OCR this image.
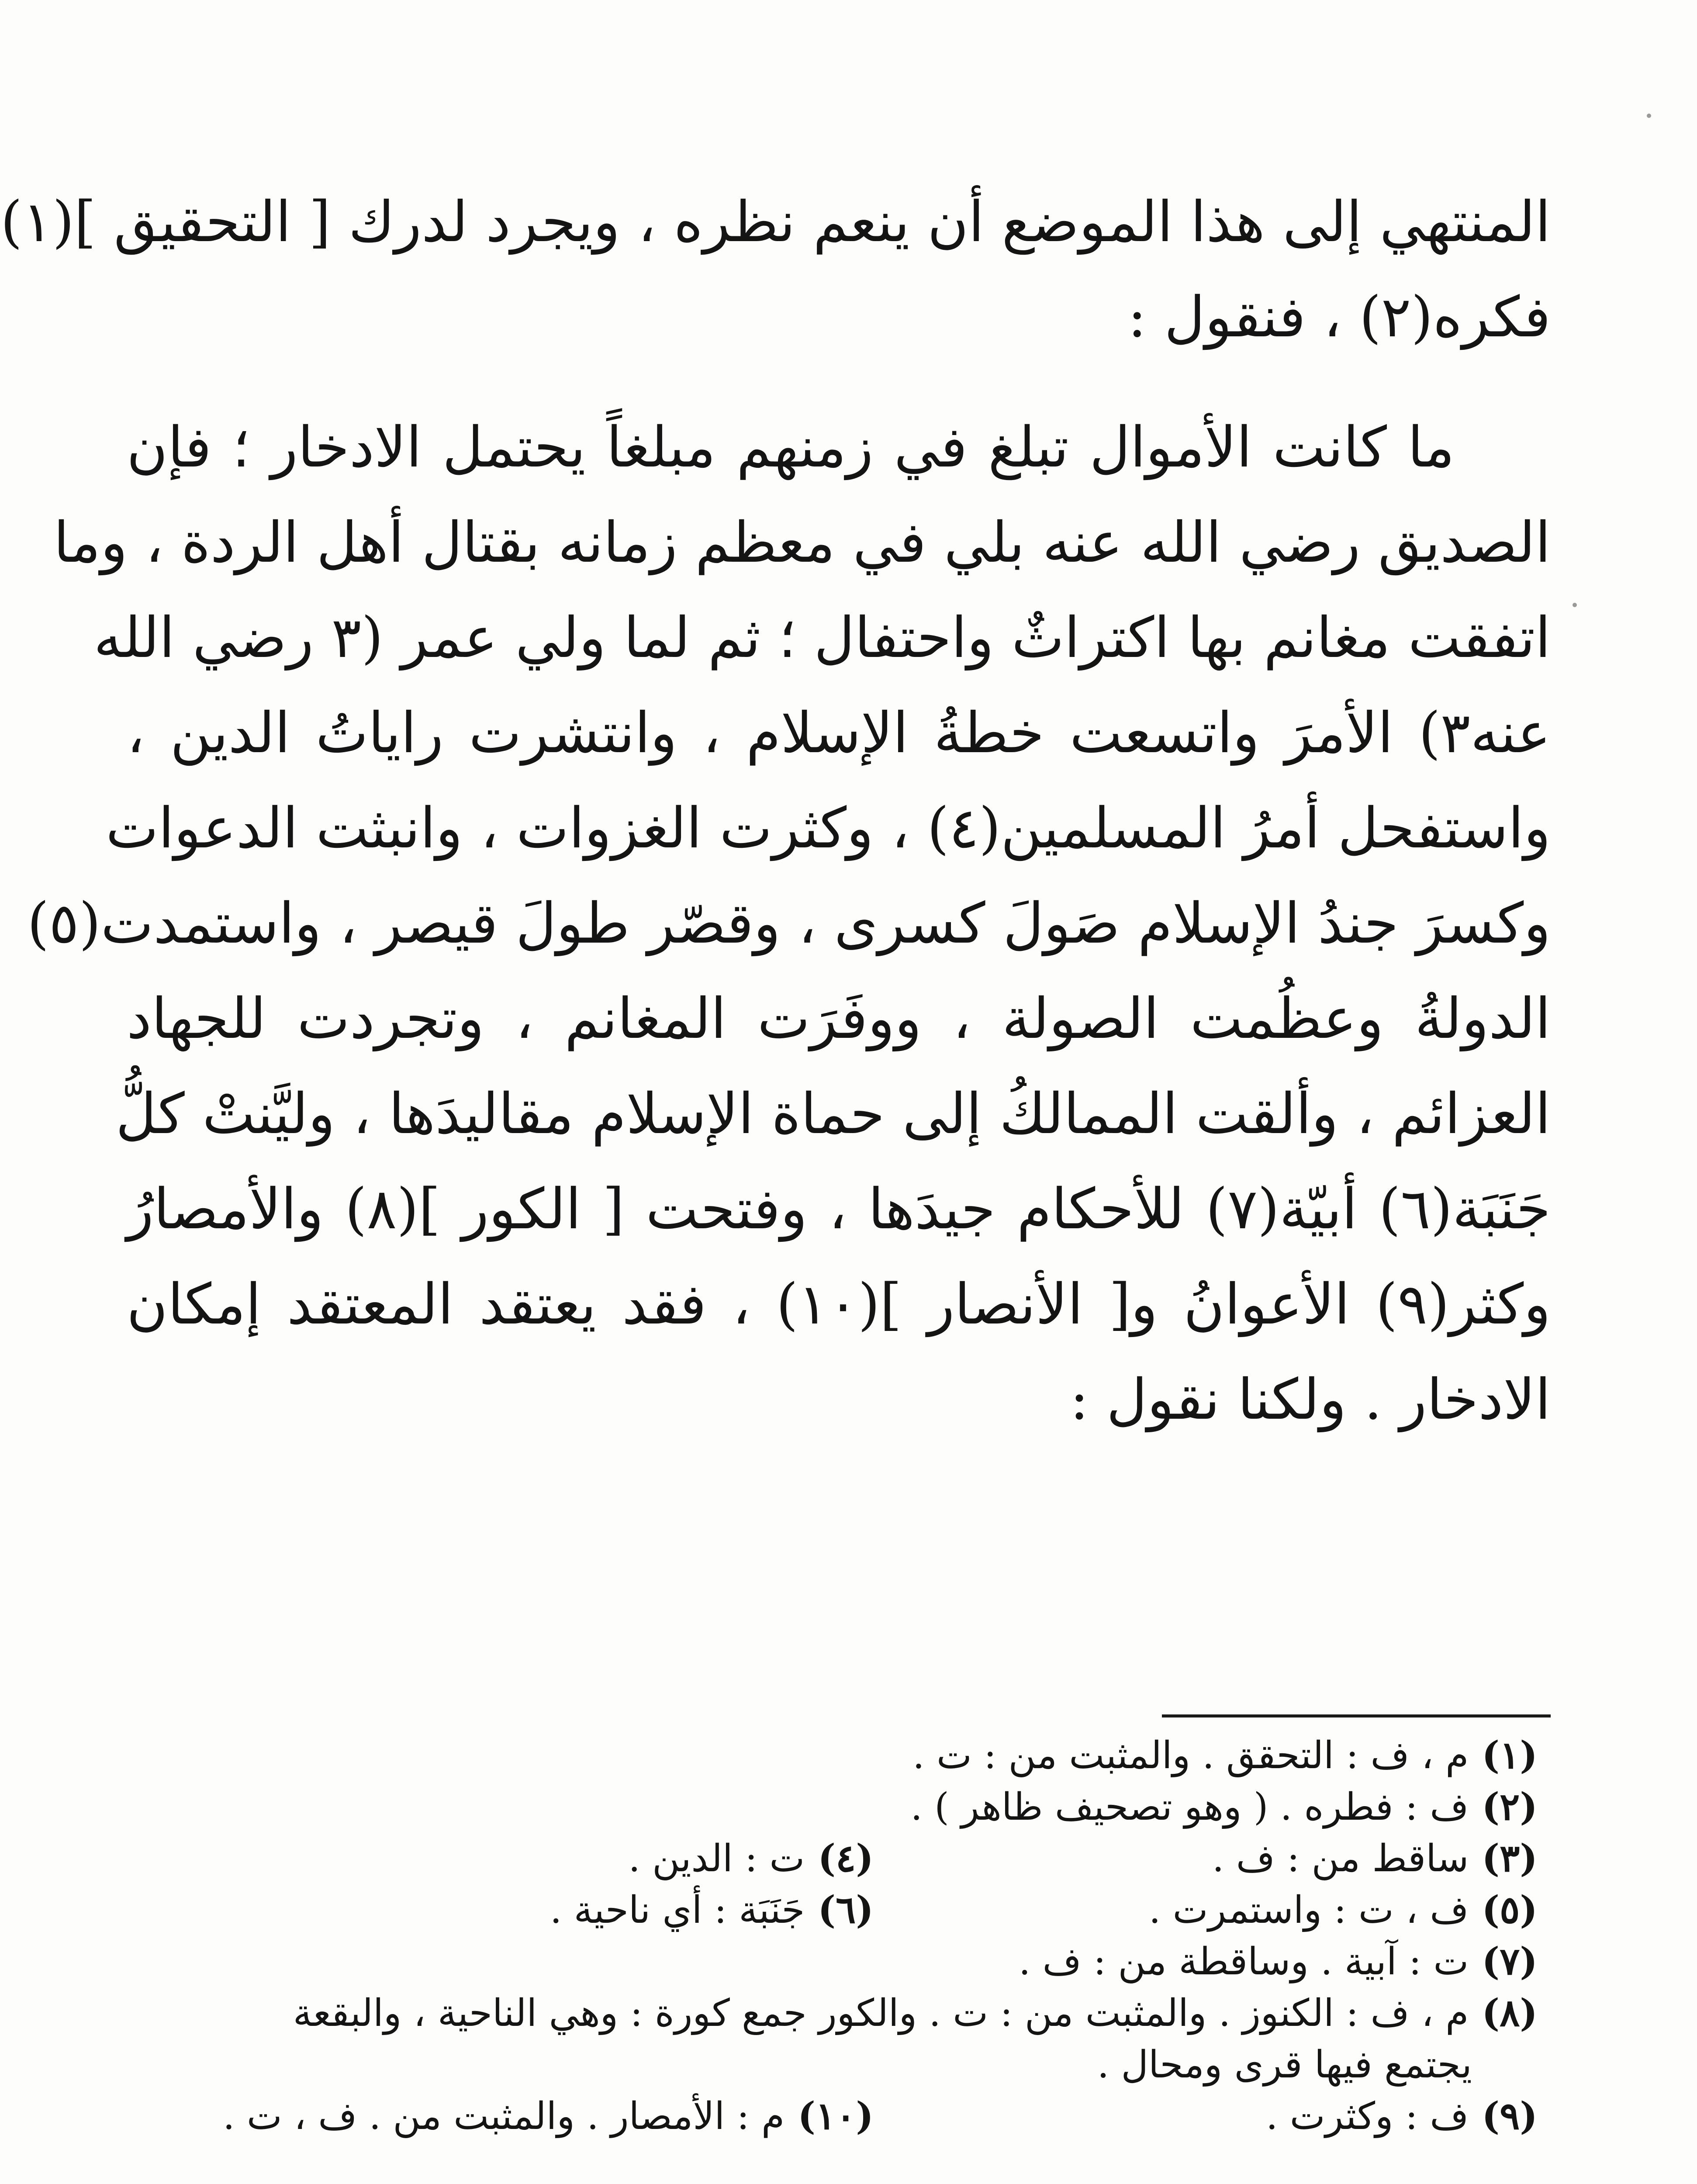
المنتهي إلى هذا الموضع أن ينعم نظره ، ويجرد لدرك [ التحقيق ](١)
فكره(٢) ، فنقول :
ما كانت الأموال تبلغ في زمنهم مبلغاً يحتمل الادخار ؛ فإن
الصديق رضي الله عنه بلي في معظم زمانه بقتال أهل الردة ، وما
اتفقت مغانم بها اكتراثٌ واحتفال ؛ ثم لما ولي عمر (٣ رضي الله
عنه٣) الأمرَ واتسعت خطةُ الإسلام ، وانتشرت راياتُ الدين ،
واستفحل أمرُ المسلمين(٤) ، وكثرت الغزوات ، وانبثت الدعوات
وكسرَ جندُ الإسلام صَولَ كسرى ، وقصّر طولَ قيصر ، واستمدت(٥)
الدولةُ وعظُمت الصولة ، ووفَرَت المغانم ، وتجردت للجهاد
العزائم ، وألقت الممالكُ إلى حماة الإسلام مقاليدَها ، وليَّنتْ كلُّ
جَنَبَة(٦) أبيّة(٧) للأحكام جيدَها ، وفتحت [ الكور ](٨) والأمصارُ
وكثر(٩) الأعوانُ و[ الأنصار ](١٠) ، فقد يعتقد المعتقد إمكان
الادخار . ولكنا نقول :
(١)م ، ف : التحقق . والمثبت من : ت .
(٢)ف : فطره . ( وهو تصحيف ظاهر ) .
(٣)ساقط من : ف .
(٤)ت : الدين .
(٥)ف ، ت : واستمرت .
(٦)جَنَبَة : أي ناحية .
(٧)ت : آبية . وساقطة من : ف .
(٨)م ، ف : الكنوز . والمثبت من : ت . والكور جمع كورة : وهي الناحية ، والبقعة
يجتمع فيها قرى ومحال .
(٩)ف : وكثرت .
(١٠)م : الأمصار . والمثبت من . ف ، ت .
